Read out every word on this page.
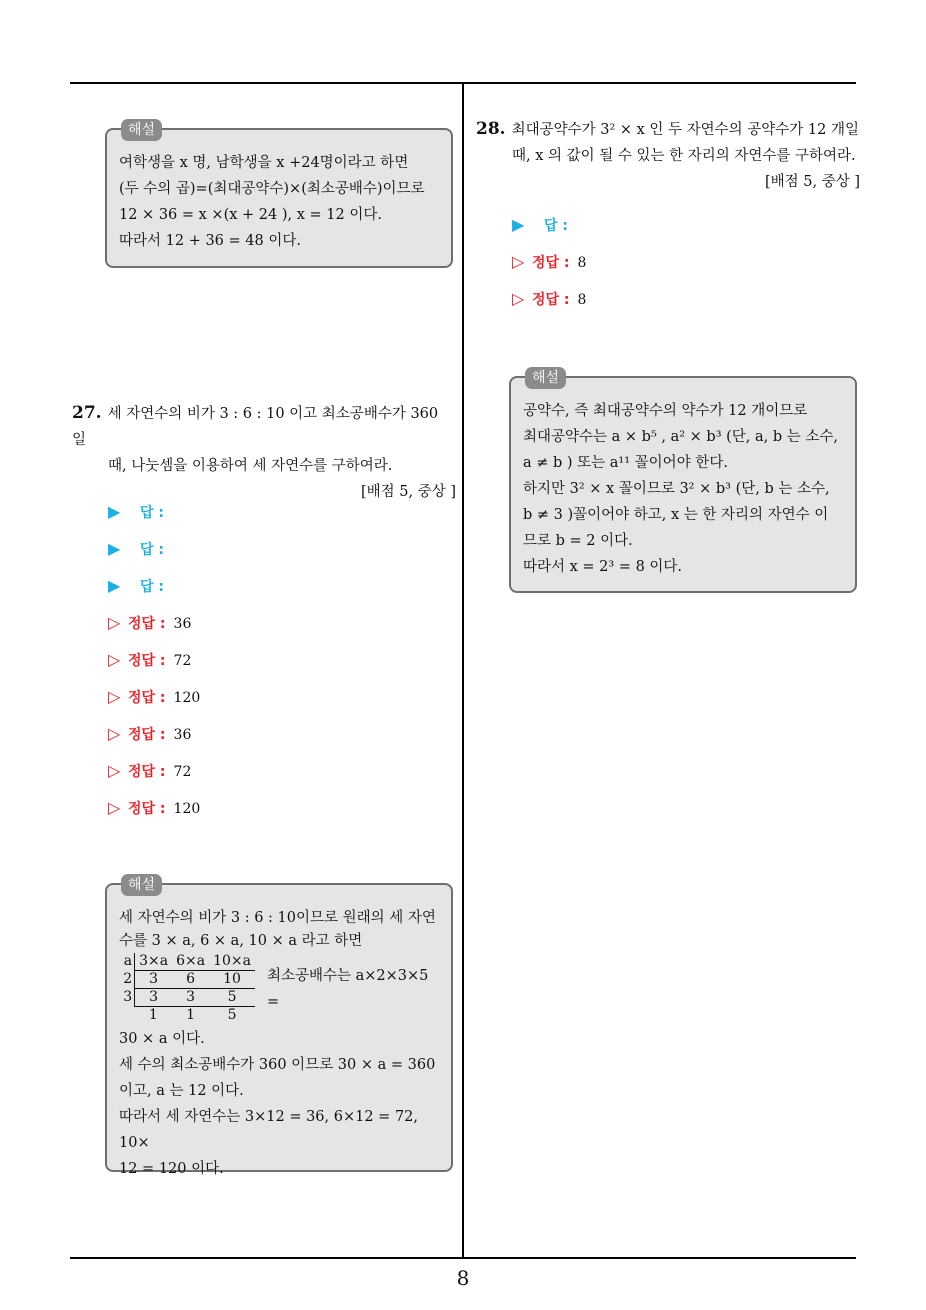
해설

여학생을 x 명, 남학생을 x +24명이라고 하면

(두 수의 곱)=(최대공약수)×(최소공배수)이므로

12 × 36 = x ×(x + 24 ), x = 12 이다.

따라서 12 + 36 = 48 이다.

27. 세 자연수의 비가 3 : 6 : 10 이고 최소공배수가 360 일
때, 나눗셈을 이용하여 세 자연수를 구하여라.
[배점 5, 중상 ]
▶ 답 :
▶ 답 :
▶ 답 :
▷ 정답 : 36
▷ 정답 : 72
▷ 정답 : 120
▷ 정답 : 36
▷ 정답 : 72
▷ 정답 : 120
해설

세 자연수의 비가 3 : 6 : 10이므로 원래의 세 자연

수를 3 × a, 6 × a, 10 × a 라고 하면

a	3×a	6×a	10×a
2	3	6	10
3	3	3	5
	1	1	5
최소공배수는 a×2×3×5 =

30 × a 이다.

세 수의 최소공배수가 360 이므로 30 × a = 360

이고, a 는 12 이다.

따라서 세 자연수는 3×12 = 36, 6×12 = 72, 10×

12 = 120 이다.

28. 최대공약수가 3² × x 인 두 자연수의 공약수가 12 개일
때, x 의 값이 될 수 있는 한 자리의 자연수를 구하여라.
[배점 5, 중상 ]
▶ 답 :
▷ 정답 : 8
▷ 정답 : 8
해설

공약수, 즉 최대공약수의 약수가 12 개이므로

최대공약수는 a × b⁵ , a² × b³ (단, a, b 는 소수,

a ≠ b ) 또는 a¹¹ 꼴이어야 한다.

하지만 3² × x 꼴이므로 3² × b³ (단, b 는 소수,

b ≠ 3 )꼴이어야 하고, x 는 한 자리의 자연수 이

므로 b = 2 이다.

따라서 x = 2³ = 8 이다.

8
